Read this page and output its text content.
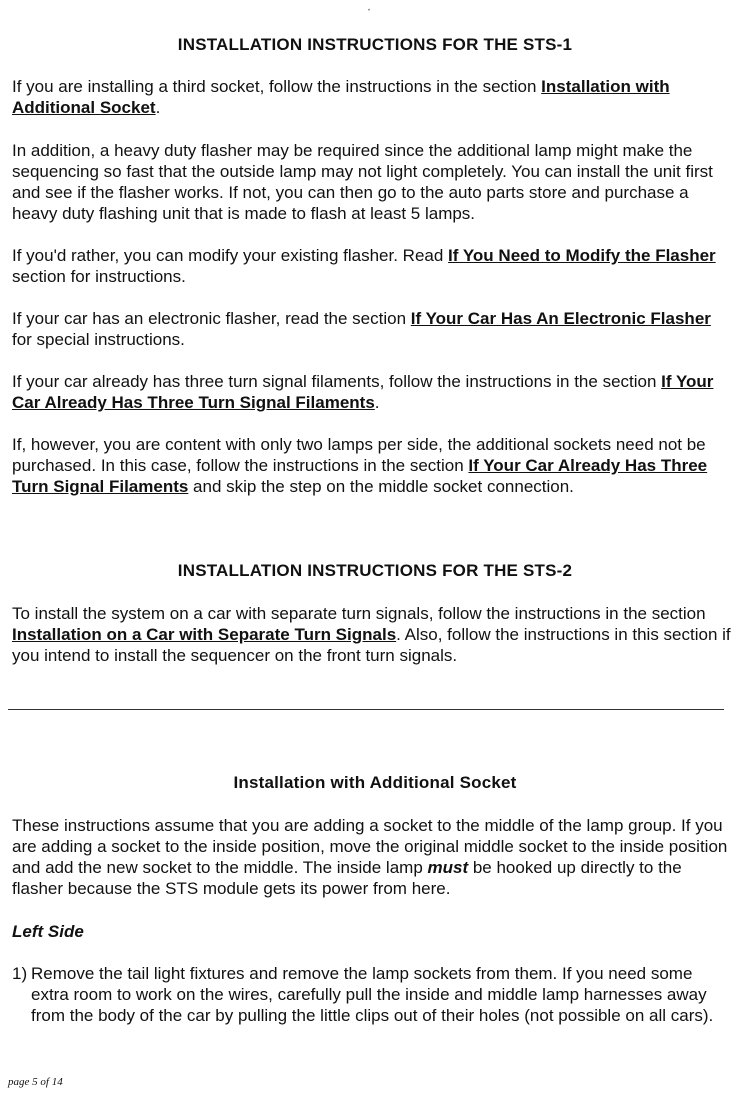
•
INSTALLATION INSTRUCTIONS FOR THE STS-1
If you are installing a third socket, follow the instructions in the section Installation with Additional Socket.
In addition, a heavy duty flasher may be required since the additional lamp might make the sequencing so fast that the outside lamp may not light completely. You can install the unit first and see if the flasher works. If not, you can then go to the auto parts store and purchase a heavy duty flashing unit that is made to flash at least 5 lamps.
If you'd rather, you can modify your existing flasher. Read If You Need to Modify the Flasher section for instructions.
If your car has an electronic flasher, read the section If Your Car Has An Electronic Flasher for special instructions.
If your car already has three turn signal filaments, follow the instructions in the section If Your Car Already Has Three Turn Signal Filaments.
If, however, you are content with only two lamps per side, the additional sockets need not be purchased. In this case, follow the instructions in the section If Your Car Already Has Three Turn Signal Filaments and skip the step on the middle socket connection.
INSTALLATION INSTRUCTIONS FOR THE STS-2
To install the system on a car with separate turn signals, follow the instructions in the section Installation on a Car with Separate Turn Signals. Also, follow the instructions in this section if you intend to install the sequencer on the front turn signals.
Installation with Additional Socket
These instructions assume that you are adding a socket to the middle of the lamp group. If you are adding a socket to the inside position, move the original middle socket to the inside position and add the new socket to the middle. The inside lamp must be hooked up directly to the flasher because the STS module gets its power from here.
Left Side
1) Remove the tail light fixtures and remove the lamp sockets from them. If you need some extra room to work on the wires, carefully pull the inside and middle lamp harnesses away from the body of the car by pulling the little clips out of their holes (not possible on all cars).
page 5 of 14
